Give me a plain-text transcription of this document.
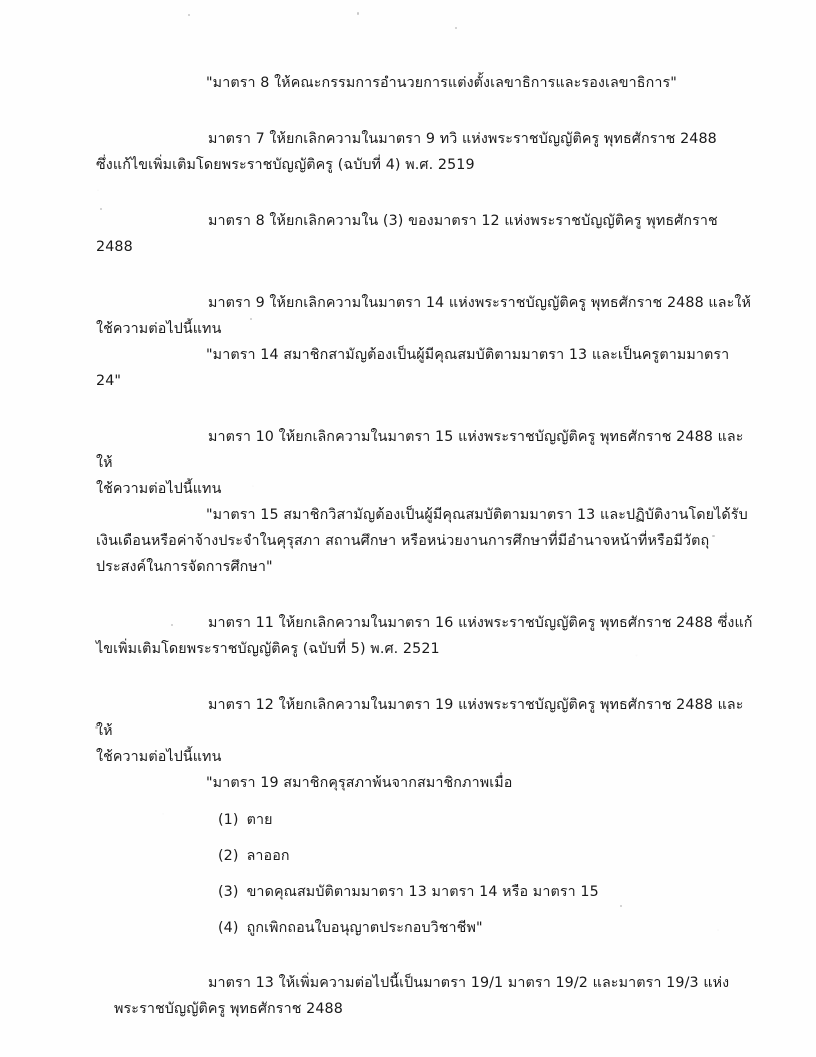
"มาตรา 8 ให้คณะกรรมการอำนวยการแต่งตั้งเลขาธิการและรองเลขาธิการ"

มาตรา 7 ให้ยกเลิกความในมาตรา 9 ทวิ แห่งพระราชบัญญัติครู พุทธศักราช 2488

ซึ่งแก้ไขเพิ่มเติมโดยพระราชบัญญัติครู (ฉบับที่ 4) พ.ศ. 2519

มาตรา 8 ให้ยกเลิกความใน (3) ของมาตรา 12 แห่งพระราชบัญญัติครู พุทธศักราช 2488

มาตรา 9 ให้ยกเลิกความในมาตรา 14 แห่งพระราชบัญญัติครู พุทธศักราช 2488 และให้

ใช้ความต่อไปนี้แทน

"มาตรา 14 สมาชิกสามัญต้องเป็นผู้มีคุณสมบัติตามมาตรา 13 และเป็นครูตามมาตรา 24"

มาตรา 10 ให้ยกเลิกความในมาตรา 15 แห่งพระราชบัญญัติครู พุทธศักราช 2488 และให้

ใช้ความต่อไปนี้แทน

"มาตรา 15 สมาชิกวิสามัญต้องเป็นผู้มีคุณสมบัติตามมาตรา 13 และปฏิบัติงานโดยได้รับ

เงินเดือนหรือค่าจ้างประจำในคุรุสภา สถานศึกษา หรือหน่วยงานการศึกษาที่มีอำนาจหน้าที่หรือมีวัตถุ

ประสงค์ในการจัดการศึกษา"

มาตรา 11 ให้ยกเลิกความในมาตรา 16 แห่งพระราชบัญญัติครู พุทธศักราช 2488 ซึ่งแก้

ไขเพิ่มเติมโดยพระราชบัญญัติครู (ฉบับที่ 5) พ.ศ. 2521

มาตรา 12 ให้ยกเลิกความในมาตรา 19 แห่งพระราชบัญญัติครู พุทธศักราช 2488 และให้

ใช้ความต่อไปนี้แทน

"มาตรา 19 สมาชิกคุรุสภาพ้นจากสมาชิกภาพเมื่อ

(1) ตาย

(2) ลาออก

(3) ขาดคุณสมบัติตามมาตรา 13 มาตรา 14 หรือ มาตรา 15

(4) ถูกเพิกถอนใบอนุญาตประกอบวิชาชีพ"

มาตรา 13 ให้เพิ่มความต่อไปนี้เป็นมาตรา 19/1 มาตรา 19/2 และมาตรา 19/3 แห่ง

พระราชบัญญัติครู พุทธศักราช 2488
